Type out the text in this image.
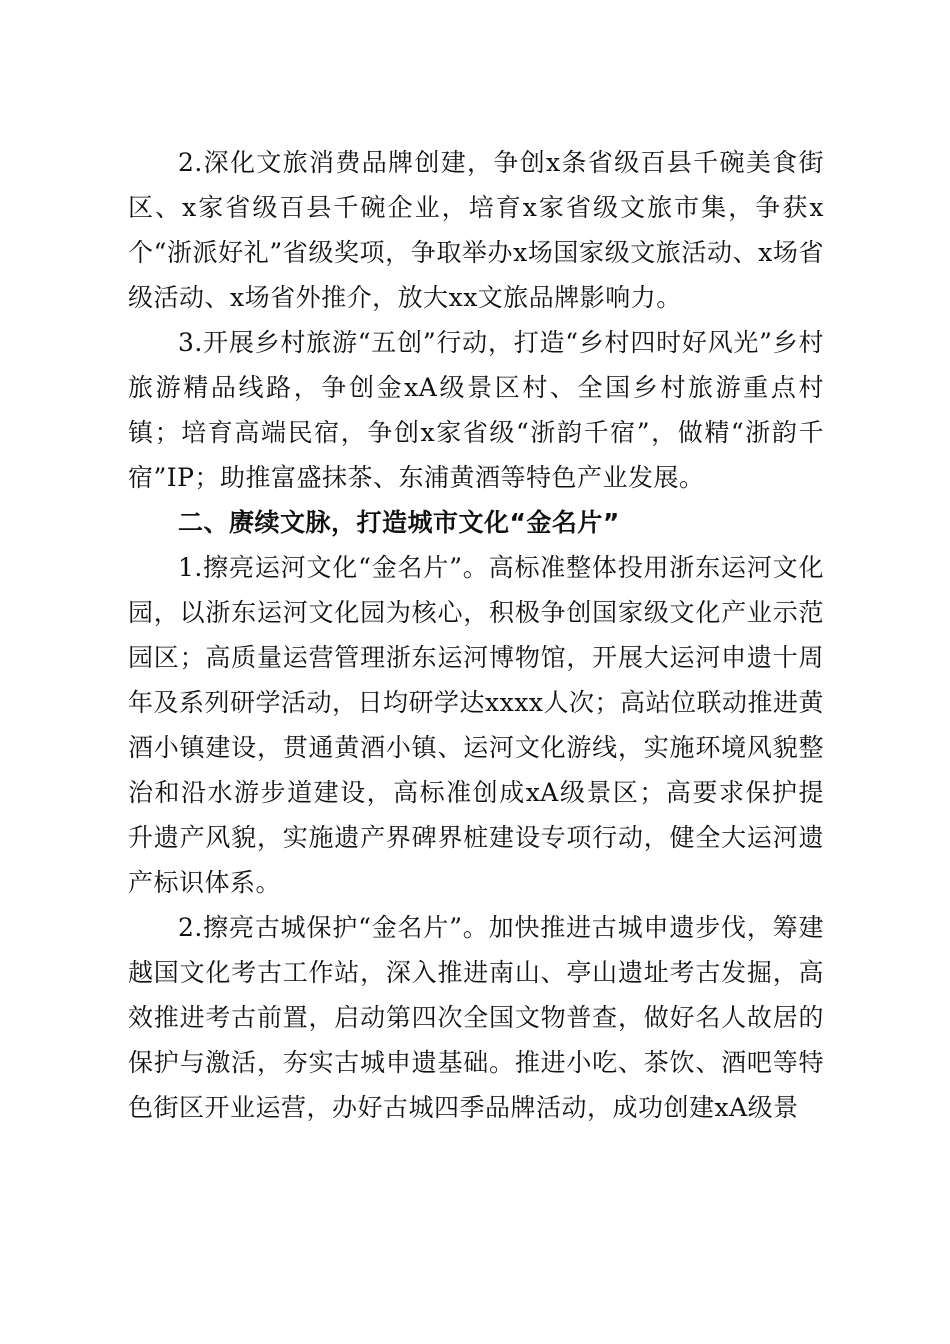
2.深化文旅消费品牌创建，争创x条省级百县千碗美食街区、x家省级百县千碗企业，培育x家省级文旅市集，争获x个“浙派好礼”省级奖项，争取举办x场国家级文旅活动、x场省级活动、x场省外推介，放大xx文旅品牌影响力。

3.开展乡村旅游“五创”行动，打造“乡村四时好风光”乡村旅游精品线路，争创金xA级景区村、全国乡村旅游重点村镇；培育高端民宿，争创x家省级“浙韵千宿”，做精“浙韵千宿”IP；助推富盛抹茶、东浦黄酒等特色产业发展。

二、赓续文脉，打造城市文化“金名片”

1.擦亮运河文化“金名片”。高标准整体投用浙东运河文化园，以浙东运河文化园为核心，积极争创国家级文化产业示范园区；高质量运营管理浙东运河博物馆，开展大运河申遗十周年及系列研学活动，日均研学达xxxx人次；高站位联动推进黄酒小镇建设，贯通黄酒小镇、运河文化游线，实施环境风貌整治和沿水游步道建设，高标准创成xA级景区；高要求保护提升遗产风貌，实施遗产界碑界桩建设专项行动，健全大运河遗产标识体系。

2.擦亮古城保护“金名片”。加快推进古城申遗步伐，筹建越国文化考古工作站，深入推进南山、亭山遗址考古发掘，高效推进考古前置，启动第四次全国文物普查，做好名人故居的保护与激活，夯实古城申遗基础。推进小吃、茶饮、酒吧等特色街区开业运营，办好古城四季品牌活动，成功创建xA级景
